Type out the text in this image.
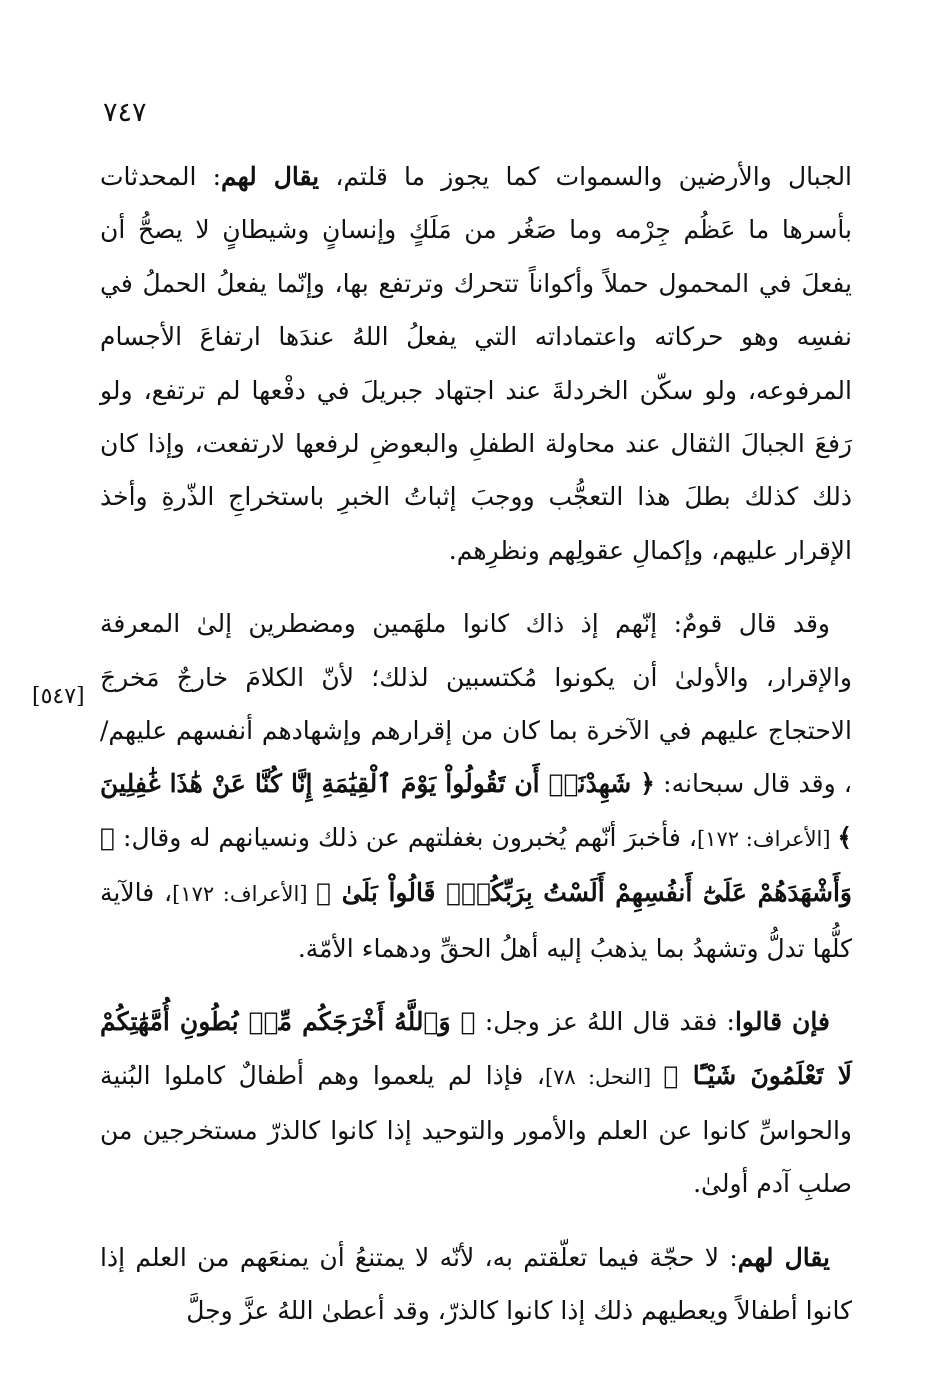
٧٤٧
[٥٤٧]

الجبال والأرضين والسموات كما يجوز ما قلتم، يقال لهم: المحدثات بأسرها ما عَظُم جِرْمه وما صَغُر من مَلَكٍ وإنسانٍ وشيطانٍ لا يصحُّ أن يفعلَ في المحمول حملاً وأكواناً تتحرك وترتفع بها، وإنّما يفعلُ الحملُ في نفسِه وهو حركاته واعتماداته التي يفعلُ اللهُ عندَها ارتفاعَ الأجسام المرفوعه، ولو سكّن الخردلةَ عند اجتهاد جبريلَ في دفْعها لم ترتفع، ولو رَفعَ الجبالَ الثقال عند محاولة الطفلِ والبعوضِ لرفعها لارتفعت، وإذا كان ذلك كذلك بطلَ هذا التعجُّب ووجبَ إثباتُ الخبرِ باستخراجِ الذّرةِ وأخذ الإقرار عليهم، وإكمالِ عقولِهم ونظرِهم.

وقد قال قومٌ: إنّهم إذ ذاك كانوا ملهَمين ومضطرين إلىٰ المعرفة والإقرار، والأولىٰ أن يكونوا مُكتسبين لذلك؛ لأنّ الكلامَ خارجٌ مَخرجَ الاحتجاج عليهم في الآخرة بما كان من إقرارهم وإشهادهم أنفسهم عليهم/ ، وقد قال سبحانه: ﴿ شَهِدْنَآۛ أَن تَقُولُواْ يَوْمَ ٱلْقِيَٰمَةِ إِنَّا كُنَّا عَنْ هَٰذَا غَٰفِلِينَ ﴾ [الأعراف: ١٧٢]، فأخبرَ أنّهم يُخبرون بغفلتهم عن ذلك ونسيانهم له وقال: ﴿ وَأَشْهَدَهُمْ عَلَىٰٓ أَنفُسِهِمْ أَلَسْتُ بِرَبِّكُمْۖ قَالُواْ بَلَىٰ ﴾ [الأعراف: ١٧٢]، فالآية كلُّها تدلُّ وتشهدُ بما يذهبُ إليه أهلُ الحقِّ ودهماء الأمّة.

فإن قالوا: فقد قال اللهُ عز وجل: ﴿ وَٱللَّهُ أَخْرَجَكُم مِّنۢ بُطُونِ أُمَّهَٰتِكُمْ لَا تَعْلَمُونَ شَيْـًٔا ﴾ [النحل: ٧٨]، فإذا لم يلعموا وهم أطفالٌ كاملوا البُنية والحواسِّ كانوا عن العلم والأمور والتوحيد إذا كانوا كالذرّ مستخرجين من صلبِ آدم أولىٰ.

يقال لهم: لا حجّة فيما تعلّقتم به، لأنّه لا يمتنعُ أن يمنعَهم من العلم إذا كانوا أطفالاً ويعطيهم ذلك إذا كانوا كالذرّ، وقد أعطىٰ اللهُ عزَّ وجلَّ
